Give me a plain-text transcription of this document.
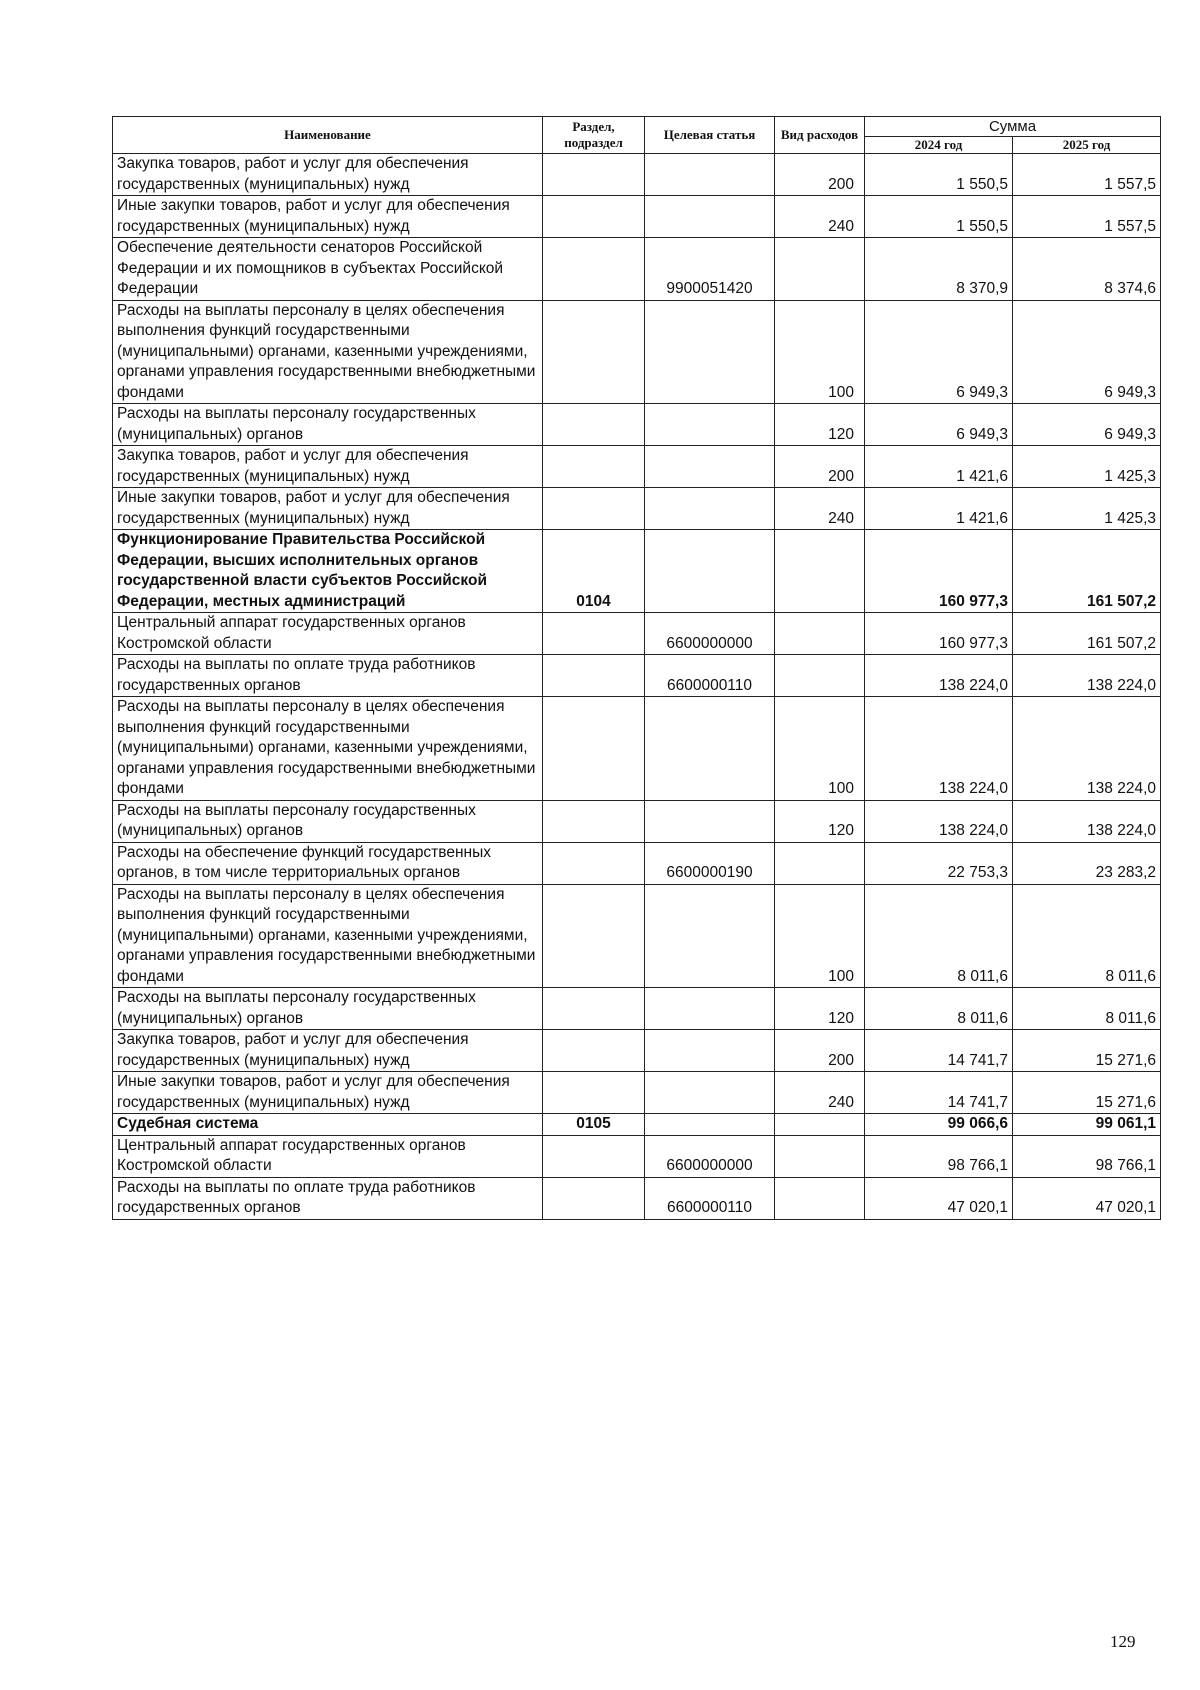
Наименование	Раздел, подраздел	Целевая статья	Вид расходов	Сумма	
				2024 год	2025 год
Закупка товаров, работ и услуг для обеспечения государственных (муниципальных) нужд			200	1 550,5	1 557,5
Иные закупки товаров, работ и услуг для обеспечения государственных (муниципальных) нужд			240	1 550,5	1 557,5
Обеспечение деятельности сенаторов Российской Федерации и их помощников в субъектах Российской Федерации		9900051420		8 370,9	8 374,6
Расходы на выплаты персоналу в целях обеспечения выполнения функций государственными (муниципальными) органами, казенными учреждениями, органами управления государственными внебюджетными фондами			100	6 949,3	6 949,3
Расходы на выплаты персоналу государственных (муниципальных) органов			120	6 949,3	6 949,3
Закупка товаров, работ и услуг для обеспечения государственных (муниципальных) нужд			200	1 421,6	1 425,3
Иные закупки товаров, работ и услуг для обеспечения государственных (муниципальных) нужд			240	1 421,6	1 425,3
Функционирование Правительства Российской Федерации, высших исполнительных органов государственной власти субъектов Российской Федерации, местных администраций	0104			160 977,3	161 507,2
Центральный аппарат государственных органов Костромской области		6600000000		160 977,3	161 507,2
Расходы на выплаты по оплате труда работников государственных органов		6600000110		138 224,0	138 224,0
Расходы на выплаты персоналу в целях обеспечения выполнения функций государственными (муниципальными) органами, казенными учреждениями, органами управления государственными внебюджетными фондами			100	138 224,0	138 224,0
Расходы на выплаты персоналу государственных (муниципальных) органов			120	138 224,0	138 224,0
Расходы на обеспечение функций государственных органов, в том числе территориальных органов		6600000190		22 753,3	23 283,2
Расходы на выплаты персоналу в целях обеспечения выполнения функций государственными (муниципальными) органами, казенными учреждениями, органами управления государственными внебюджетными фондами			100	8 011,6	8 011,6
Расходы на выплаты персоналу государственных (муниципальных) органов			120	8 011,6	8 011,6
Закупка товаров, работ и услуг для обеспечения государственных (муниципальных) нужд			200	14 741,7	15 271,6
Иные закупки товаров, работ и услуг для обеспечения государственных (муниципальных) нужд			240	14 741,7	15 271,6
Судебная система	0105			99 066,6	99 061,1
Центральный аппарат государственных органов Костромской области		6600000000		98 766,1	98 766,1
Расходы на выплаты по оплате труда работников государственных органов		6600000110		47 020,1	47 020,1
129
